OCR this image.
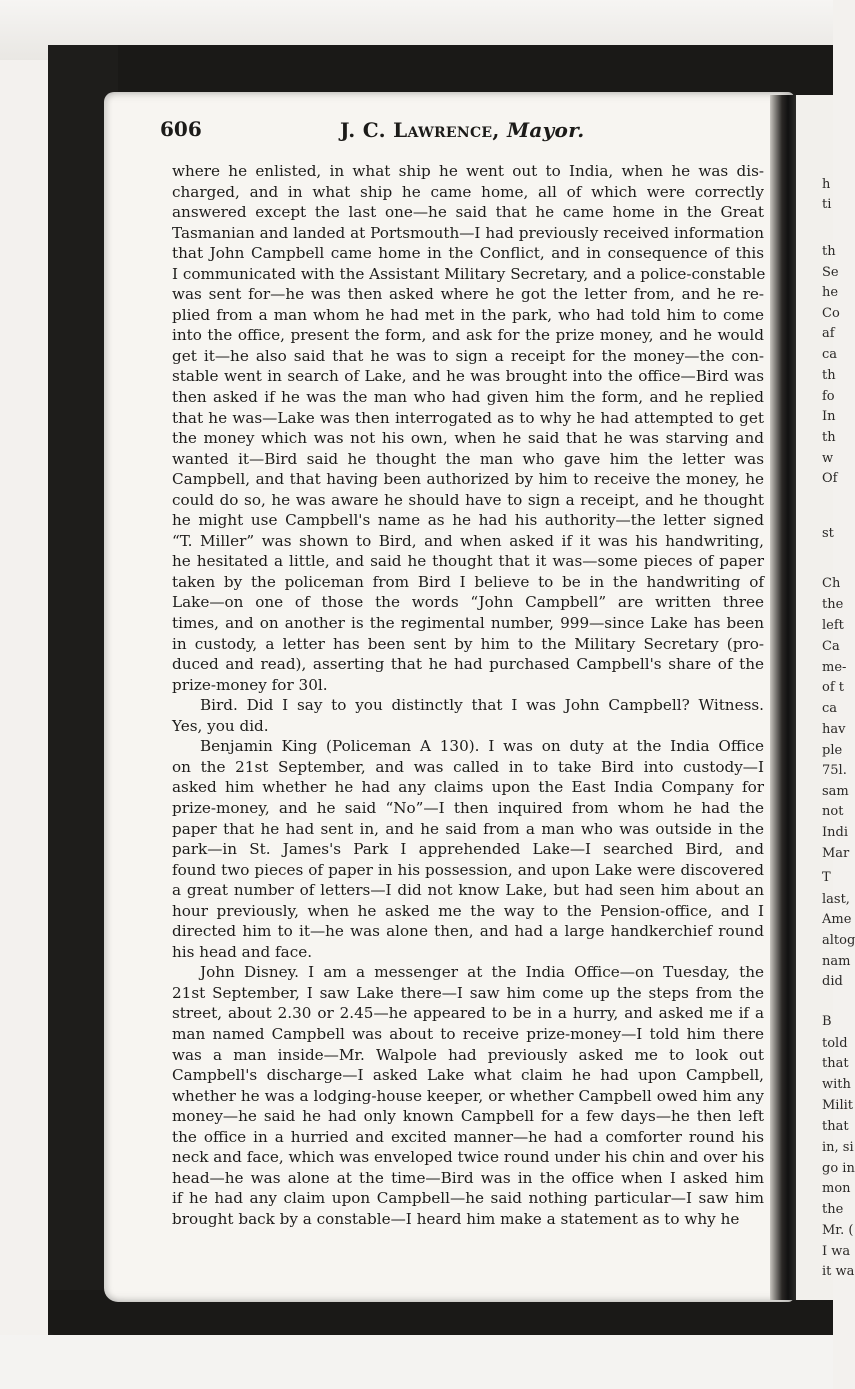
h
ti
th
Se
he
Co
af
ca
th
fo
In
th
w
Of
st
Ch
the
left
Ca
me-
of t
ca
hav
ple
75l.
sam
not
Indi
Mar
T
last,
Ame
altog
nam
did
B
told
that
with
Milit
that
in, si
go in
mon
the
Mr. (
I wa
it wa
606	J. C. Lawrence, Mayor.
where he enlisted, in what ship he went out to India, when he was dis-
charged, and in what ship he came home, all of which were correctly
answered except the last one—he said that he came home in the Great
Tasmanian and landed at Portsmouth—I had previously received information
that John Campbell came home in the Conflict, and in consequence of this
I communicated with the Assistant Military Secretary, and a police-constable
was sent for—he was then asked where he got the letter from, and he re-
plied from a man whom he had met in the park, who had told him to come
into the office, present the form, and ask for the prize money, and he would
get it—he also said that he was to sign a receipt for the money—the con-
stable went in search of Lake, and he was brought into the office—Bird was
then asked if he was the man who had given him the form, and he replied
that he was—Lake was then interrogated as to why he had attempted to get
the money which was not his own, when he said that he was starving and
wanted it—Bird said he thought the man who gave him the letter was
Campbell, and that having been authorized by him to receive the money, he
could do so, he was aware he should have to sign a receipt, and he thought
he might use Campbell's name as he had his authority—the letter signed
“T. Miller” was shown to Bird, and when asked if it was his handwriting,
he hesitated a little, and said he thought that it was—some pieces of paper
taken by the policeman from Bird I believe to be in the handwriting of
Lake—on one of those the words “John Campbell” are written three
times, and on another is the regimental number, 999—since Lake has been
in custody, a letter has been sent by him to the Military Secretary (pro-
duced and read), asserting that he had purchased Campbell's share of the
prize-money for 30l.
Bird. Did I say to you distinctly that I was John Campbell? Witness.
Yes, you did.
Benjamin King (Policeman A 130). I was on duty at the India Office
on the 21st September, and was called in to take Bird into custody—I
asked him whether he had any claims upon the East India Company for
prize-money, and he said “No”—I then inquired from whom he had the
paper that he had sent in, and he said from a man who was outside in the
park—in St. James's Park I apprehended Lake—I searched Bird, and
found two pieces of paper in his possession, and upon Lake were discovered
a great number of letters—I did not know Lake, but had seen him about an
hour previously, when he asked me the way to the Pension-office, and I
directed him to it—he was alone then, and had a large handkerchief round
his head and face.
John Disney. I am a messenger at the India Office—on Tuesday, the
21st September, I saw Lake there—I saw him come up the steps from the
street, about 2.30 or 2.45—he appeared to be in a hurry, and asked me if a
man named Campbell was about to receive prize-money—I told him there
was a man inside—Mr. Walpole had previously asked me to look out
Campbell's discharge—I asked Lake what claim he had upon Campbell,
whether he was a lodging-house keeper, or whether Campbell owed him any
money—he said he had only known Campbell for a few days—he then left
the office in a hurried and excited manner—he had a comforter round his
neck and face, which was enveloped twice round under his chin and over his
head—he was alone at the time—Bird was in the office when I asked him
if he had any claim upon Campbell—he said nothing particular—I saw him
brought back by a constable—I heard him make a statement as to why he
